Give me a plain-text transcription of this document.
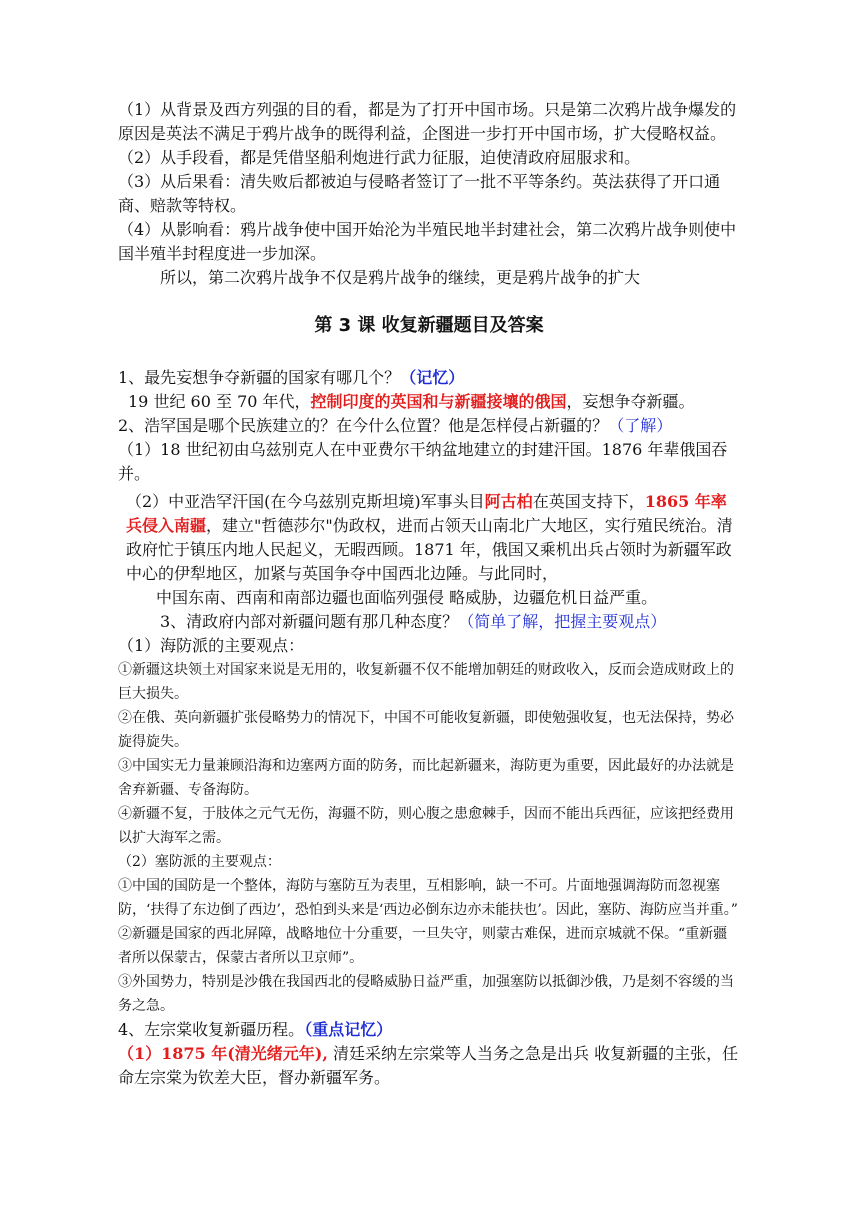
（1）从背景及西方列强的目的看，都是为了打开中国市场。只是第二次鸦片战争爆发的原因是英法不满足于鸦片战争的既得利益，企图进一步打开中国市场，扩大侵略权益。

（2）从手段看，都是凭借坚船利炮进行武力征服，迫使清政府屈服求和。

（3）从后果看：清失败后都被迫与侵略者签订了一批不平等条约。英法获得了开口通商、赔款等特权。

（4）从影响看：鸦片战争使中国开始沦为半殖民地半封建社会，第二次鸦片战争则使中国半殖半封程度进一步加深。

所以，第二次鸦片战争不仅是鸦片战争的继续，更是鸦片战争的扩大

第 3 课 收复新疆题目及答案

1、最先妄想争夺新疆的国家有哪几个？（记忆）

19 世纪 60 至 70 年代，控制印度的英国和与新疆接壤的俄国，妄想争夺新疆。

2、浩罕国是哪个民族建立的？在今什么位置？他是怎样侵占新疆的？（了解）

（1）18 世纪初由乌兹别克人在中亚费尔干纳盆地建立的封建汗国。1876 年辈俄国吞并。

（2）中亚浩罕汗国(在今乌兹别克斯坦境)军事头目阿古柏在英国支持下，1865 年率兵侵入南疆，建立"哲德莎尔"伪政权，进而占领天山南北广大地区，实行殖民统治。清政府忙于镇压内地人民起义，无暇西顾。1871 年，俄国又乘机出兵占领时为新疆军政中心的伊犁地区，加紧与英国争夺中国西北边陲。与此同时，

中国东南、西南和南部边疆也面临列强侵 略威胁，边疆危机日益严重。

3、清政府内部对新疆问题有那几种态度？（简单了解，把握主要观点）

（1）海防派的主要观点：

①新疆这块领土对国家来说是无用的，收复新疆不仅不能增加朝廷的财政收入，反而会造成财政上的巨大损失。

②在俄、英向新疆扩张侵略势力的情况下，中国不可能收复新疆，即使勉强收复，也无法保持，势必旋得旋失。

③中国实无力量兼顾沿海和边塞两方面的防务，而比起新疆来，海防更为重要，因此最好的办法就是舍弃新疆、专备海防。

④新疆不复，于肢体之元气无伤，海疆不防，则心腹之患愈棘手，因而不能出兵西征，应该把经费用以扩大海军之需。

（2）塞防派的主要观点：

①中国的国防是一个整体，海防与塞防互为表里，互相影响，缺一不可。片面地强调海防而忽视塞防，‘扶得了东边倒了西边’，恐怕到头来是‘西边必倒东边亦未能扶也’。因此，塞防、海防应当并重。”

②新疆是国家的西北屏障，战略地位十分重要，一旦失守，则蒙古难保，进而京城就不保。“重新疆者所以保蒙古，保蒙古者所以卫京师”。

③外国势力，特别是沙俄在我国西北的侵略威胁日益严重，加强塞防以抵御沙俄，乃是刻不容缓的当务之急。

4、左宗棠收复新疆历程。（重点记忆）

（1）1875 年(清光绪元年), 清廷采纳左宗棠等人当务之急是出兵 收复新疆的主张，任命左宗棠为钦差大臣，督办新疆军务。
